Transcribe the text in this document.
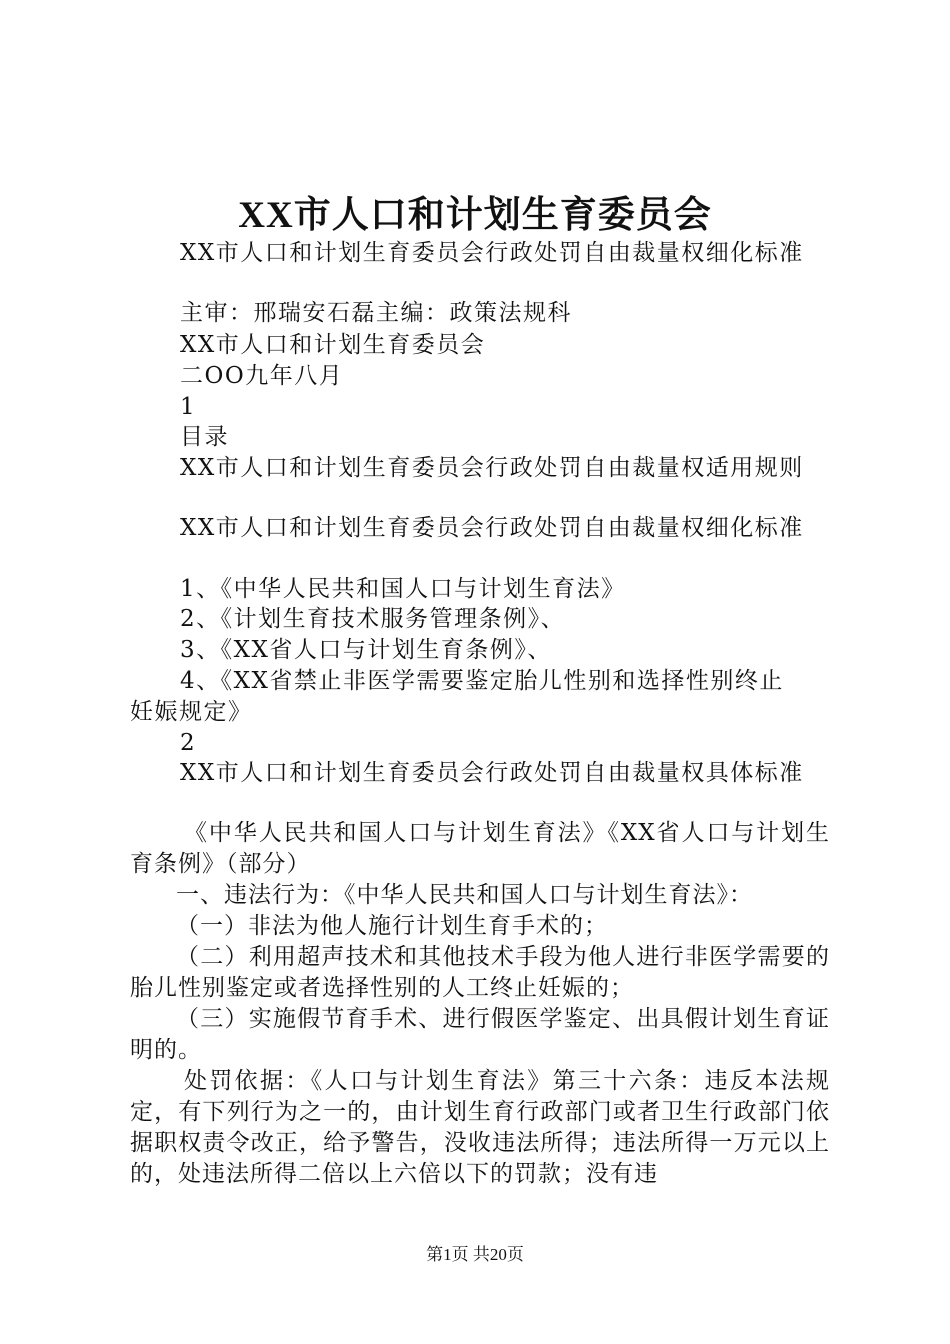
XX市人口和计划生育委员会
XX市人口和计划生育委员会行政处罚自由裁量权细化标准
主审：邢瑞安石磊主编：政策法规科
XX市人口和计划生育委员会
二OO九年八月
1
目录
XX市人口和计划生育委员会行政处罚自由裁量权适用规则
XX市人口和计划生育委员会行政处罚自由裁量权细化标准
1、《中华人民共和国人口与计划生育法》
2、《计划生育技术服务管理条例》、
3、《XX省人口与计划生育条例》、
4、《XX省禁止非医学需要鉴定胎儿性别和选择性别终止
妊娠规定》
2
XX市人口和计划生育委员会行政处罚自由裁量权具体标准

《中华人民共和国人口与计划生育法》《XX省人口与计划生育条例》（部分）

一、违法行为：《中华人民共和国人口与计划生育法》：

（一）非法为他人施行计划生育手术的；

（二）利用超声技术和其他技术手段为他人进行非医学需要的胎儿性别鉴定或者选择性别的人工终止妊娠的；

（三）实施假节育手术、进行假医学鉴定、出具假计划生育证明的。

处罚依据：《人口与计划生育法》第三十六条：违反本法规定，有下列行为之一的，由计划生育行政部门或者卫生行政部门依据职权责令改正，给予警告，没收违法所得；违法所得一万元以上的，处违法所得二倍以上六倍以下的罚款；没有违

第1页 共20页
